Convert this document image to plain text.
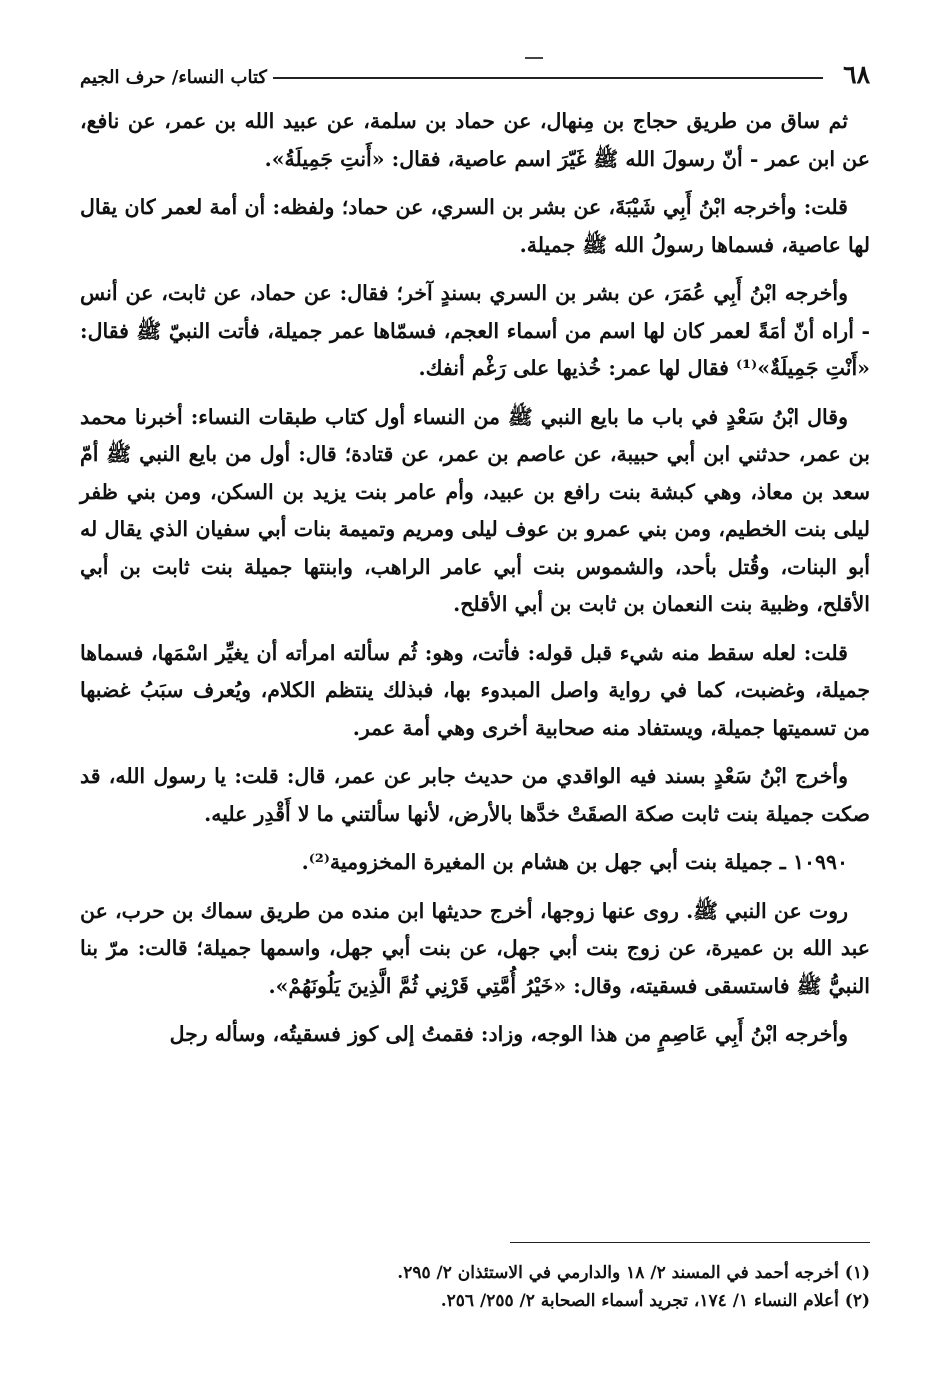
٦٨
كتاب النساء/ حرف الجيم

ثم ساق من طريق حجاج بن مِنهال، عن حماد بن سلمة، عن عبيد الله بن عمر، عن نافع، عن ابن عمر - أنّ رسولَ الله ﷺ غَيّرَ اسم عاصية، فقال: «أَنتِ جَمِيلَةُ».

قلت: وأخرجه ابْنُ أَبِي شَيْبَةَ، عن بشر بن السري، عن حماد؛ ولفظه: أن أمة لعمر كان يقال لها عاصية، فسماها رسولُ الله ﷺ جميلة.

وأخرجه ابْنُ أَبِي عُمَرَ، عن بشر بن السري بسندٍ آخر؛ فقال: عن حماد، عن ثابت، عن أنس - أراه أنّ أمَةً لعمر كان لها اسم من أسماء العجم، فسمّاها عمر جميلة، فأتت النبيّ ﷺ فقال: «أَنْتِ جَمِيلَةٌ»⁽¹⁾ فقال لها عمر: خُذيها على رَغْم أنفك.

وقال ابْنُ سَعْدٍ في باب ما بايع النبي ﷺ من النساء أول كتاب طبقات النساء: أخبرنا محمد بن عمر، حدثني ابن أبي حبيبة، عن عاصم بن عمر، عن قتادة؛ قال: أول من بايع النبي ﷺ أمّ سعد بن معاذ، وهي كبشة بنت رافع بن عبيد، وأم عامر بنت يزيد بن السكن، ومن بني ظفر ليلى بنت الخطيم، ومن بني عمرو بن عوف ليلى ومريم وتميمة بنات أبي سفيان الذي يقال له أبو البنات، وقُتل بأحد، والشموس بنت أبي عامر الراهب، وابنتها جميلة بنت ثابت بن أبي الأقلح، وظبية بنت النعمان بن ثابت بن أبي الأقلح.

قلت: لعله سقط منه شيء قبل قوله: فأتت، وهو: ثُم سألته امرأته أن يغيِّر اسْمَها، فسماها جميلة، وغضبت، كما في رواية واصل المبدوء بها، فبذلك ينتظم الكلام، ويُعرف سبَبُ غضبها من تسميتها جميلة، ويستفاد منه صحابية أخرى وهي أمة عمر.

وأخرج ابْنُ سَعْدٍ بسند فيه الواقدي من حديث جابر عن عمر، قال: قلت: يا رسول الله، قد صكت جميلة بنت ثابت صكة الصقَتْ خدَّها بالأرض، لأنها سألتني ما لا أَقْدِر عليه.

١٠٩٩٠ ـ جميلة بنت أبي جهل بن هشام بن المغيرة المخزومية⁽²⁾.

روت عن النبي ﷺ. روى عنها زوجها، أخرج حديثها ابن منده من طريق سماك بن حرب، عن عبد الله بن عميرة، عن زوج بنت أبي جهل، عن بنت أبي جهل، واسمها جميلة؛ قالت: مرّ بنا النبيُّ ﷺ فاستسقى فسقيته، وقال: «خَيْرُ أُمَّتِي قَرْنِي ثُمَّ الَّذِينَ يَلُونَهُمْ».

وأخرجه ابْنُ أَبِي عَاصِمٍ من هذا الوجه، وزاد: فقمتُ إلى كوز فسقيتُه، وسأله رجل

(١) أخرجه أحمد في المسند ٢/ ١٨ والدارمي في الاستئذان ٢/ ٢٩٥.

(٢) أعلام النساء ١/ ١٧٤، تجريد أسماء الصحابة ٢/ ٢٥٥/ ٢٥٦.
